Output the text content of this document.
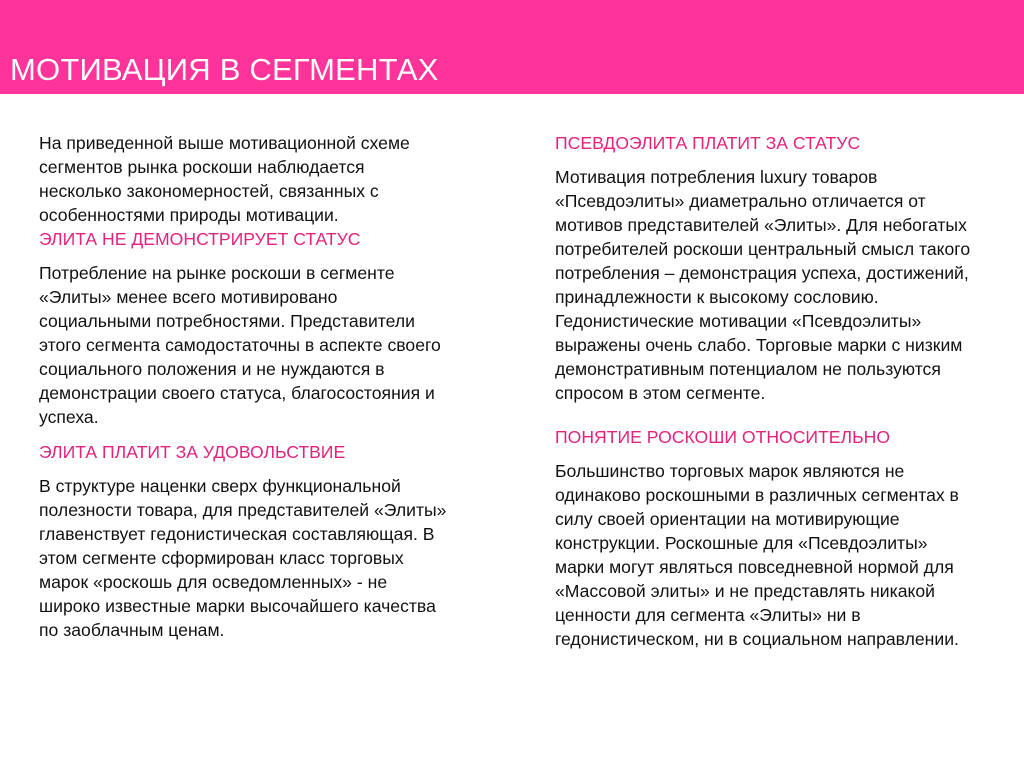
МОТИВАЦИЯ В СЕГМЕНТАХ

На приведенной выше мотивационной схеме сегментов рынка роскоши наблюдается несколько закономерностей, связанных с особенностями природы мотивации.

ЭЛИТА НЕ ДЕМОНСТРИРУЕТ СТАТУС

Потребление на рынке роскоши в сегменте «Элиты» менее всего мотивировано социальными потребностями. Представители этого сегмента самодостаточны в аспекте своего социального положения и не нуждаются в демонстрации своего статуса, благосостояния и успеха.

ЭЛИТА ПЛАТИТ ЗА УДОВОЛЬСТВИЕ

В структуре наценки сверх функциональной полезности товара, для представителей «Элиты» главенствует гедонистическая составляющая. В этом сегменте сформирован класс торговых марок «роскошь для осведомленных» - не широко известные марки высочайшего качества по заоблачным ценам.

ПСЕВДОЭЛИТА ПЛАТИТ ЗА СТАТУС

Мотивация потребления luxury товаров «Псевдоэлиты» диаметрально отличается от мотивов представителей «Элиты». Для небогатых потребителей роскоши центральный смысл такого потребления – демонстрация успеха, достижений, принадлежности к высокому сословию. Гедонистические мотивации «Псевдоэлиты» выражены очень слабо. Торговые марки с низким демонстративным потенциалом не пользуются спросом в этом сегменте.

ПОНЯТИЕ РОСКОШИ ОТНОСИТЕЛЬНО

Большинство торговых марок являются не одинаково роскошными в различных сегментах в силу своей ориентации на мотивирующие конструкции. Роскошные для «Псевдоэлиты» марки могут являться повседневной нормой для «Массовой элиты» и не представлять никакой ценности для сегмента «Элиты» ни в гедонистическом, ни в социальном направлении.
